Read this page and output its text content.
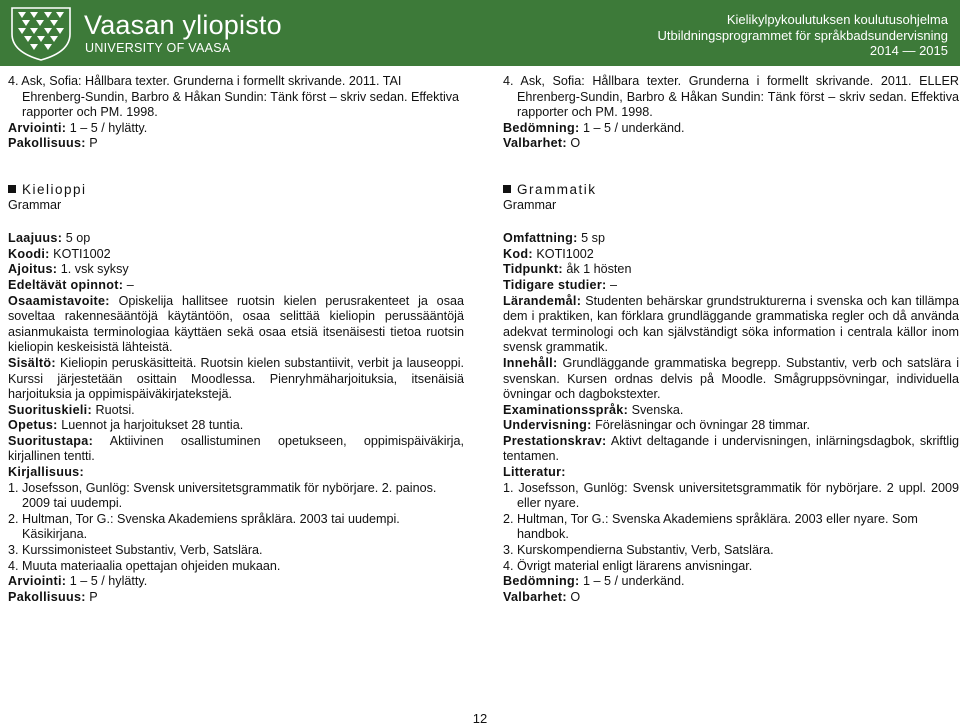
Vaasan yliopisto
UNIVERSITY OF VAASA
Kielikylpykoulutuksen koulutusohjelma
Utbildningsprogrammet för språkbadsundervisning
2014 — 2015

4. Ask, Sofia: Hållbara texter. Grunderna i formellt skrivande. 2011. TAI Ehrenberg-Sundin, Barbro & Håkan Sundin: Tänk först – skriv sedan. Effektiva rapporter och PM. 1998.

Arviointi: 1 – 5 / hylätty.

Pakollisuus: P

Kielioppi

Grammar

Laajuus: 5 op

Koodi: KOTI1002

Ajoitus: 1. vsk syksy

Edeltävät opinnot: –

Osaamistavoite: Opiskelija hallitsee ruotsin kielen perusrakenteet ja osaa soveltaa rakennesääntöjä käytäntöön, osaa selittää kieliopin perussääntöjä asianmukaista terminologiaa käyttäen sekä osaa etsiä itsenäisesti tietoa ruotsin kieliopin keskeisistä lähteistä.

Sisältö: Kieliopin peruskäsitteitä. Ruotsin kielen substantiivit, verbit ja lauseoppi. Kurssi järjestetään osittain Moodlessa. Pienryhmäharjoituksia, itsenäisiä harjoituksia ja oppimispäiväkirjatekstejä.

Suorituskieli: Ruotsi.

Opetus: Luennot ja harjoitukset 28 tuntia.

Suoritustapa: Aktiivinen osallistuminen opetukseen, oppimispäiväkirja, kirjallinen tentti.

Kirjallisuus:

1. Josefsson, Gunlög: Svensk universitetsgrammatik för nybörjare. 2. painos. 2009 tai uudempi.

2. Hultman, Tor G.: Svenska Akademiens språklära. 2003 tai uudempi. Käsikirjana.

3. Kurssimonisteet Substantiv, Verb, Satslära.

4. Muuta materiaalia opettajan ohjeiden mukaan.

Arviointi: 1 – 5 / hylätty.

Pakollisuus: P

4. Ask, Sofia: Hållbara texter. Grunderna i formellt skrivande. 2011. ELLER Ehrenberg-Sundin, Barbro & Håkan Sundin: Tänk först – skriv sedan. Effektiva rapporter och PM. 1998.

Bedömning: 1 – 5 / underkänd.

Valbarhet: O

Grammatik

Grammar

Omfattning: 5 sp

Kod: KOTI1002

Tidpunkt: åk 1 hösten

Tidigare studier: –

Lärandemål: Studenten behärskar grundstrukturerna i svenska och kan tillämpa dem i praktiken, kan förklara grundläggande grammatiska regler och då använda adekvat terminologi och kan självständigt söka information i centrala källor inom svensk grammatik.

Innehåll: Grundläggande grammatiska begrepp. Substantiv, verb och satslära i svenskan. Kursen ordnas delvis på Moodle. Smågruppsövningar, individuella övningar och dagbokstexter.

Examinationsspråk: Svenska.

Undervisning: Föreläsningar och övningar 28 timmar.

Prestationskrav: Aktivt deltagande i undervisningen, inlärningsdagbok, skriftlig tentamen.

Litteratur:

1. Josefsson, Gunlög: Svensk universitetsgrammatik för nybörjare. 2 uppl. 2009 eller nyare.

2. Hultman, Tor G.: Svenska Akademiens språklära. 2003 eller nyare. Som handbok.

3. Kurskompendierna Substantiv, Verb, Satslära.

4. Övrigt material enligt lärarens anvisningar.

Bedömning: 1 – 5 / underkänd.

Valbarhet: O

12
